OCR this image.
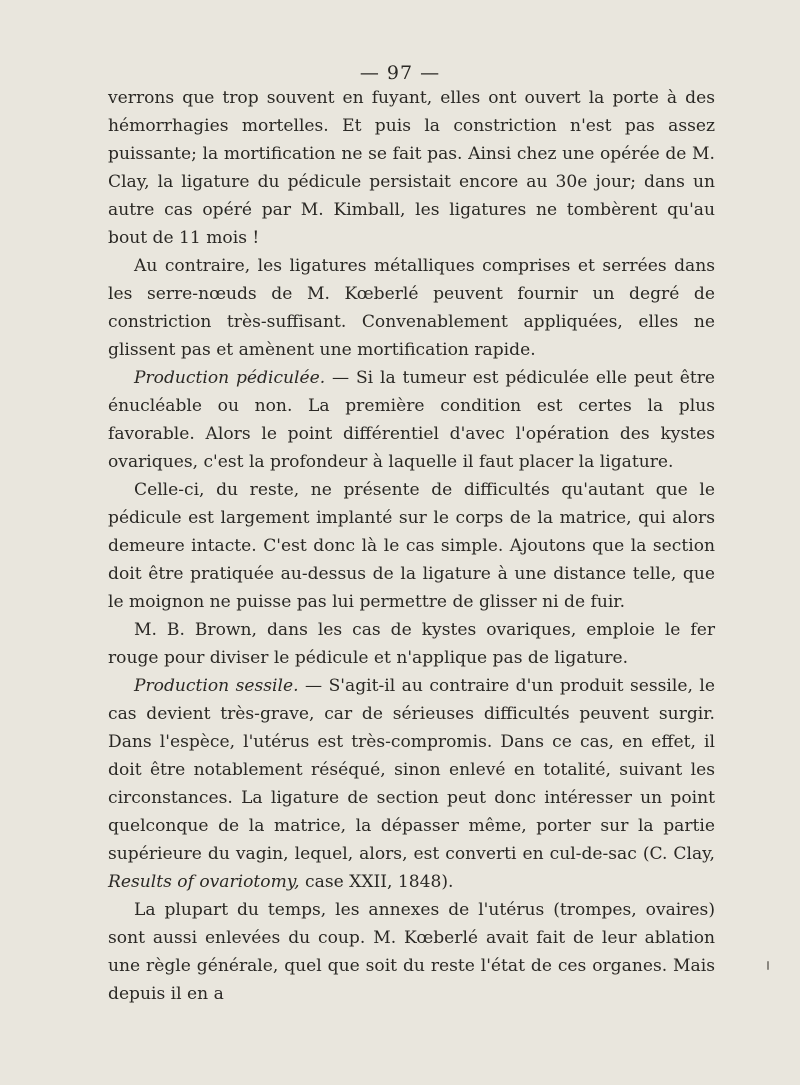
— 97 —

verrons que trop souvent en fuyant, elles ont ouvert la porte à des hémorrhagies mortelles. Et puis la constriction n'est pas assez puissante; la mortification ne se fait pas. Ainsi chez une opérée de M. Clay, la ligature du pédicule persistait encore au 30e jour; dans un autre cas opéré par M. Kimball, les ligatures ne tombèrent qu'au bout de 11 mois !

Au contraire, les ligatures métalliques comprises et serrées dans les serre-nœuds de M. Kœberlé peuvent fournir un degré de constriction très-suffisant. Convenablement appliquées, elles ne glissent pas et amènent une mortification rapide.

Production pédiculée. — Si la tumeur est pédiculée elle peut être énucléable ou non. La première condition est certes la plus favorable. Alors le point différentiel d'avec l'opération des kystes ovariques, c'est la profondeur à laquelle il faut placer la ligature.

Celle-ci, du reste, ne présente de difficultés qu'autant que le pédicule est largement implanté sur le corps de la matrice, qui alors demeure intacte. C'est donc là le cas simple. Ajoutons que la section doit être pratiquée au-dessus de la ligature à une distance telle, que le moignon ne puisse pas lui permettre de glisser ni de fuir.

M. B. Brown, dans les cas de kystes ovariques, emploie le fer rouge pour diviser le pédicule et n'applique pas de ligature.

Production sessile. — S'agit-il au contraire d'un produit sessile, le cas devient très-grave, car de sérieuses difficultés peuvent surgir. Dans l'espèce, l'utérus est très-compromis. Dans ce cas, en effet, il doit être notablement réséqué, sinon enlevé en totalité, suivant les circonstances. La ligature de section peut donc intéresser un point quelconque de la matrice, la dépasser même, porter sur la partie supérieure du vagin, lequel, alors, est converti en cul-de-sac (C. Clay, Results of ovariotomy, case XXII, 1848).

La plupart du temps, les annexes de l'utérus (trompes, ovaires) sont aussi enlevées du coup. M. Kœberlé avait fait de leur ablation une règle générale, quel que soit du reste l'état de ces organes. Mais depuis il en a
